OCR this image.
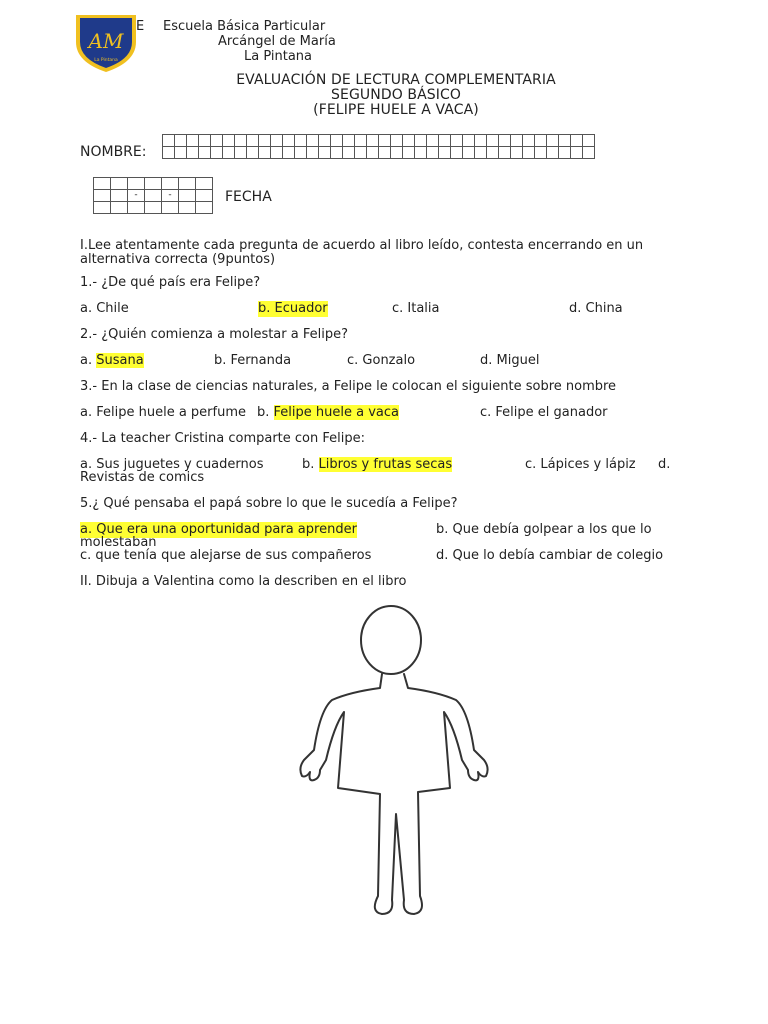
AM
La Pintana
E Escuela Básica Particular
Arcángel de María
La Pintana
EVALUACIÓN DE LECTURA COMPLEMENTARIA
SEGUNDO BÁSICO
(FELIPE HUELE A VACA)
NOMBRE:

		-		-		
							FECHA
I.Lee atentamente cada pregunta de acuerdo al libro leído, contesta encerrando en un alternativa correcta (9puntos)
1.- ¿De qué país era Felipe?
a. Chile	b. Ecuador	c. Italia	d. China
2.- ¿Quién comienza a molestar a Felipe?
a. Susana	b. Fernanda	c. Gonzalo	d. Miguel
3.- En la clase de ciencias naturales, a Felipe le colocan el siguiente sobre nombre
a. Felipe huele a perfume b. Felipe huele a vaca	c. Felipe el ganador
4.- La teacher Cristina comparte con Felipe:
a. Sus juguetes y cuadernos	b. Libros y frutas secas	c. Lápices y lápiz d.
Revistas de comics
5.¿ Qué pensaba el papá sobre lo que le sucedía a Felipe?
a. Que era una oportunidad para aprender	b. Que debía golpear a los que lo
molestaban
c. que tenía que alejarse de sus compañeros	d. Que lo debía cambiar de colegio
II. Dibuja a Valentina como la describen en el libro
